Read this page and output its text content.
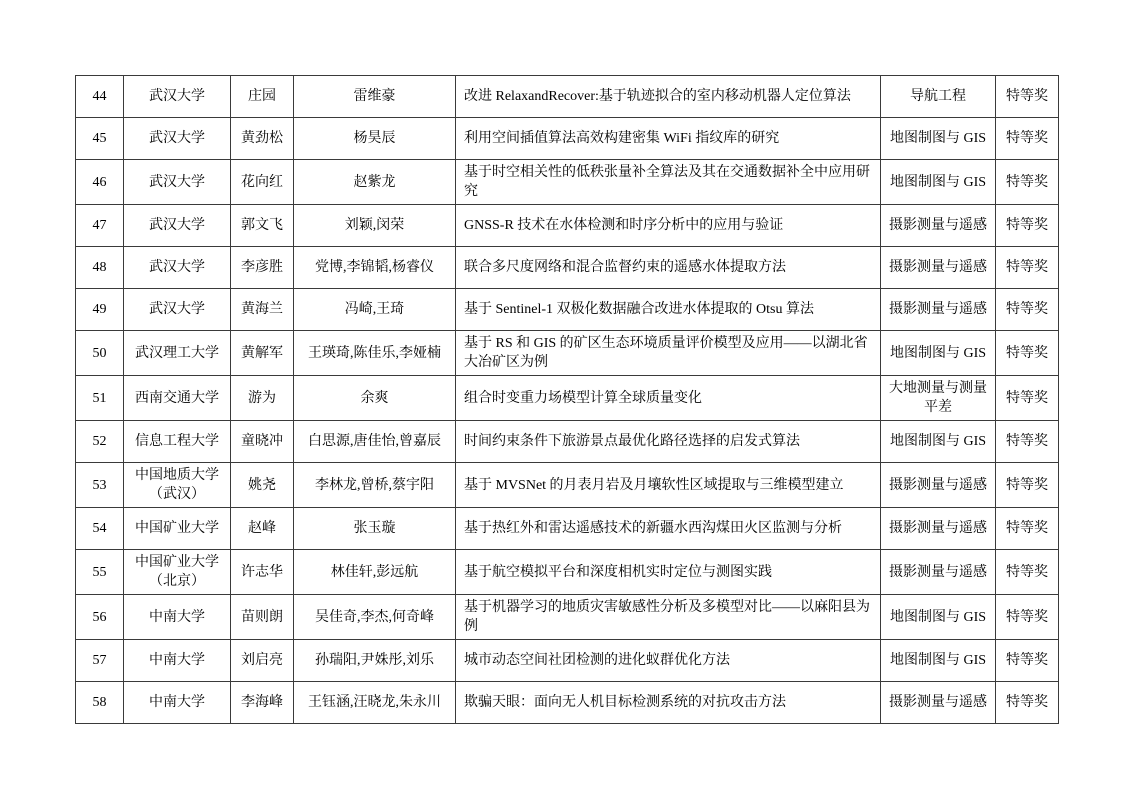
44	武汉大学	庄园	雷维豪	改进 RelaxandRecover:基于轨迹拟合的室内移动机器人定位算法	导航工程	特等奖
45	武汉大学	黄劲松	杨昊辰	利用空间插值算法高效构建密集 WiFi 指纹库的研究	地图制图与 GIS	特等奖
46	武汉大学	花向红	赵紫龙	基于时空相关性的低秩张量补全算法及其在交通数据补全中应用研究	地图制图与 GIS	特等奖
47	武汉大学	郭文飞	刘颖,闵荣	GNSS-R 技术在水体检测和时序分析中的应用与验证	摄影测量与遥感	特等奖
48	武汉大学	李彦胜	党博,李锦韬,杨睿仪	联合多尺度网络和混合监督约束的遥感水体提取方法	摄影测量与遥感	特等奖
49	武汉大学	黄海兰	冯崎,王琦	基于 Sentinel-1 双极化数据融合改进水体提取的 Otsu 算法	摄影测量与遥感	特等奖
50	武汉理工大学	黄解军	王瑛琦,陈佳乐,李娅楠	基于 RS 和 GIS 的矿区生态环境质量评价模型及应用——以湖北省大冶矿区为例	地图制图与 GIS	特等奖
51	西南交通大学	游为	余爽	组合时变重力场模型计算全球质量变化	大地测量与测量平差	特等奖
52	信息工程大学	童晓冲	白思源,唐佳怡,曾嘉辰	时间约束条件下旅游景点最优化路径选择的启发式算法	地图制图与 GIS	特等奖
53	中国地质大学（武汉）	姚尧	李林龙,曾桥,蔡宇阳	基于 MVSNet 的月表月岩及月壤软性区域提取与三维模型建立	摄影测量与遥感	特等奖
54	中国矿业大学	赵峰	张玉璇	基于热红外和雷达遥感技术的新疆水西沟煤田火区监测与分析	摄影测量与遥感	特等奖
55	中国矿业大学（北京）	许志华	林佳轩,彭远航	基于航空模拟平台和深度相机实时定位与测图实践	摄影测量与遥感	特等奖
56	中南大学	苗则朗	吴佳奇,李杰,何奇峰	基于机器学习的地质灾害敏感性分析及多模型对比——以麻阳县为例	地图制图与 GIS	特等奖
57	中南大学	刘启亮	孙瑞阳,尹姝彤,刘乐	城市动态空间社团检测的进化蚁群优化方法	地图制图与 GIS	特等奖
58	中南大学	李海峰	王钰涵,汪晓龙,朱永川	欺骗天眼：面向无人机目标检测系统的对抗攻击方法	摄影测量与遥感	特等奖
